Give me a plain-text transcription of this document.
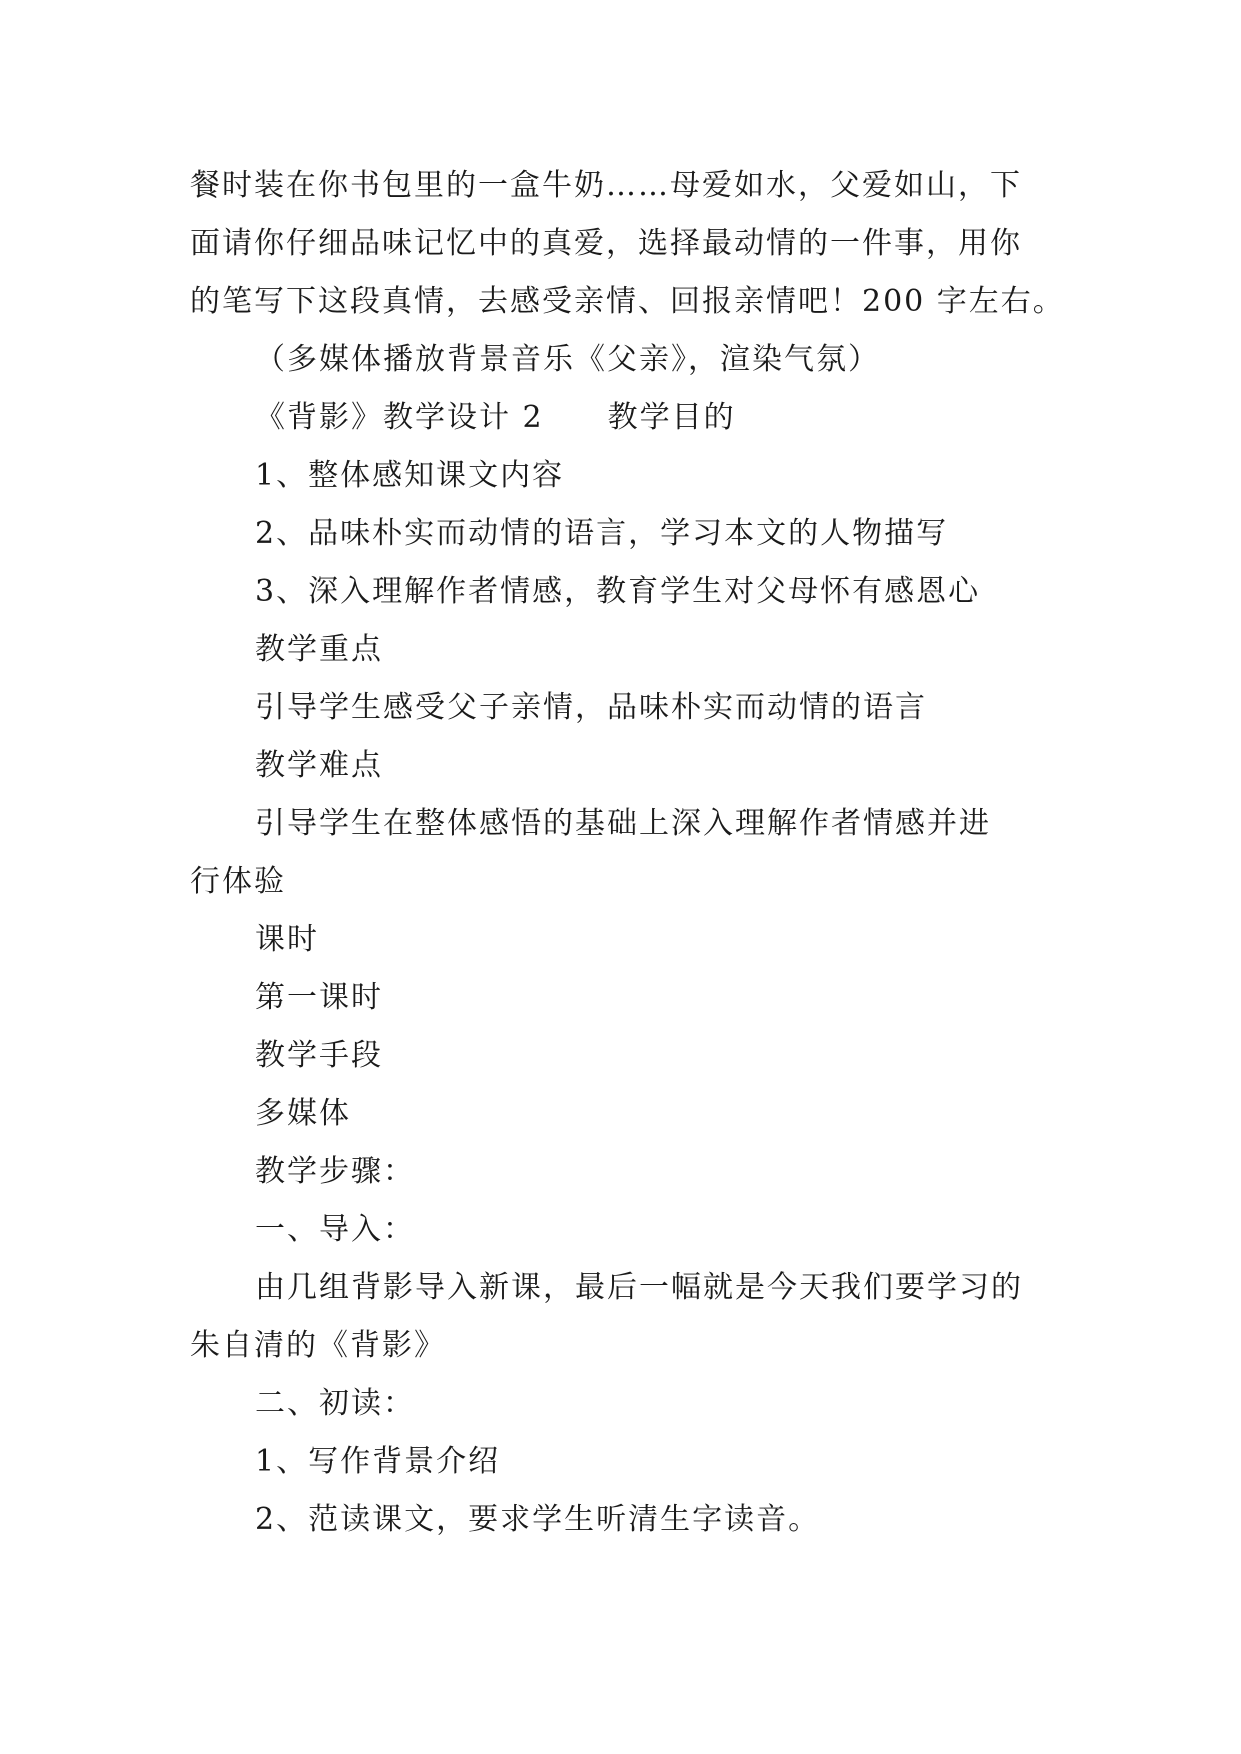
餐时装在你书包里的一盒牛奶……母爱如水，父爱如山，下
面请你仔细品味记忆中的真爱，选择最动情的一件事，用你
的笔写下这段真情，去感受亲情、回报亲情吧！200 字左右。
（多媒体播放背景音乐《父亲》，渲染气氛）
《背影》教学设计 2　　教学目的
1、整体感知课文内容
2、品味朴实而动情的语言，学习本文的人物描写
3、深入理解作者情感，教育学生对父母怀有感恩心
教学重点
引导学生感受父子亲情，品味朴实而动情的语言
教学难点
引导学生在整体感悟的基础上深入理解作者情感并进
行体验
课时
第一课时
教学手段
多媒体
教学步骤：
一、导入：
由几组背影导入新课，最后一幅就是今天我们要学习的
朱自清的《背影》
二、初读：
1、写作背景介绍
2、范读课文，要求学生听清生字读音。
